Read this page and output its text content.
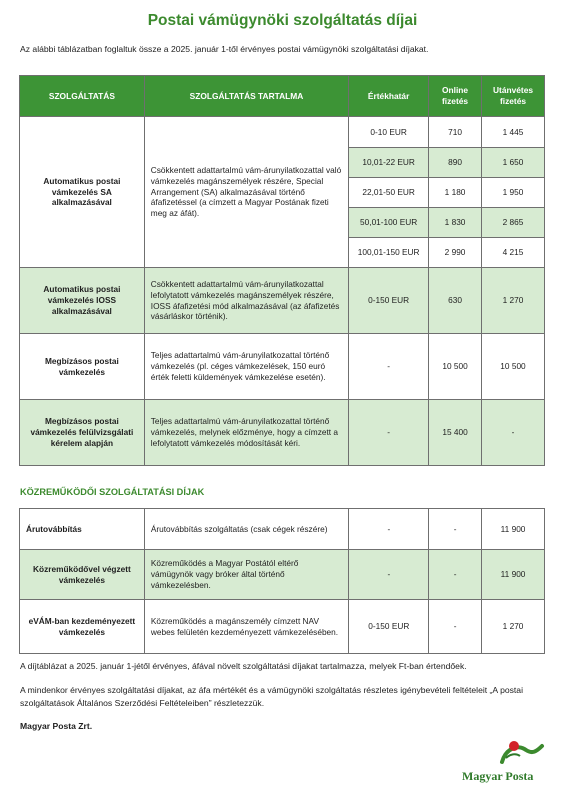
Postai vámügynöki szolgáltatás díjai
Az alábbi táblázatban foglaltuk össze a 2025. január 1-től érvényes postai vámügynöki szolgáltatási díjakat.
SZOLGÁLTATÁS	SZOLGÁLTATÁS TARTALMA	Értékhatár	Online fizetés	Utánvétes fizetés
Automatikus postai vámkezelés SA alkalmazásával	Csökkentett adattartalmú vám-árunyilatkozattal való vámkezelés magánszemélyek részére, Special Arrangement (SA) alkalmazásával történő áfafizetéssel (a címzett a Magyar Postának fizeti meg az áfát).	0-10 EUR	710	1 445
		10,01-22 EUR	890	1 650
		22,01-50 EUR	1 180	1 950
		50,01-100 EUR	1 830	2 865
		100,01-150 EUR	2 990	4 215
Automatikus postai vámkezelés IOSS alkalmazásával	Csökkentett adattartalmú vám-árunyilatkozattal lefolytatott vámkezelés magánszemélyek részére, IOSS áfafizetési mód alkalmazásával (az áfafizetés vásárláskor történik).	0-150 EUR	630	1 270
Megbízásos postai vámkezelés	Teljes adattartalmú vám-árunyilatkozattal történő vámkezelés (pl. céges vámkezelések, 150 euró érték feletti küldemények vámkezelése esetén).	-	10 500	10 500
Megbízásos postai vámkezelés felülvizsgálati kérelem alapján	Teljes adattartalmú vám-árunyilatkozattal történő vámkezelés, melynek előzménye, hogy a címzett a lefolytatott vámkezelés módosítását kéri.	-	15 400	-
KÖZREMŰKÖDŐI SZOLGÁLTATÁSI DÍJAK
Árutovábbítás	Árutovábbítás szolgáltatás (csak cégek részére)	-	-	11 900
Közreműködővel végzett vámkezelés	Közreműködés a Magyar Postától eltérő vámügynök vagy bróker által történő vámkezelésben.	-	-	11 900
eVÁM-ban kezdeményezett vámkezelés	Közreműködés a magánszemély címzett NAV webes felületén kezdeményezett vámkezelésében.	0-150 EUR	-	1 270
A díjtáblázat a 2025. január 1-jétől érvényes, áfával növelt szolgáltatási díjakat tartalmazza, melyek Ft-ban értendőek.
A mindenkor érvényes szolgáltatási díjakat, az áfa mértékét és a vámügynöki szolgáltatás részletes igénybevételi feltételeit „A postai szolgáltatások Általános Szerződési Feltételeiben” részletezzük.
Magyar Posta Zrt.
Magyar Posta
